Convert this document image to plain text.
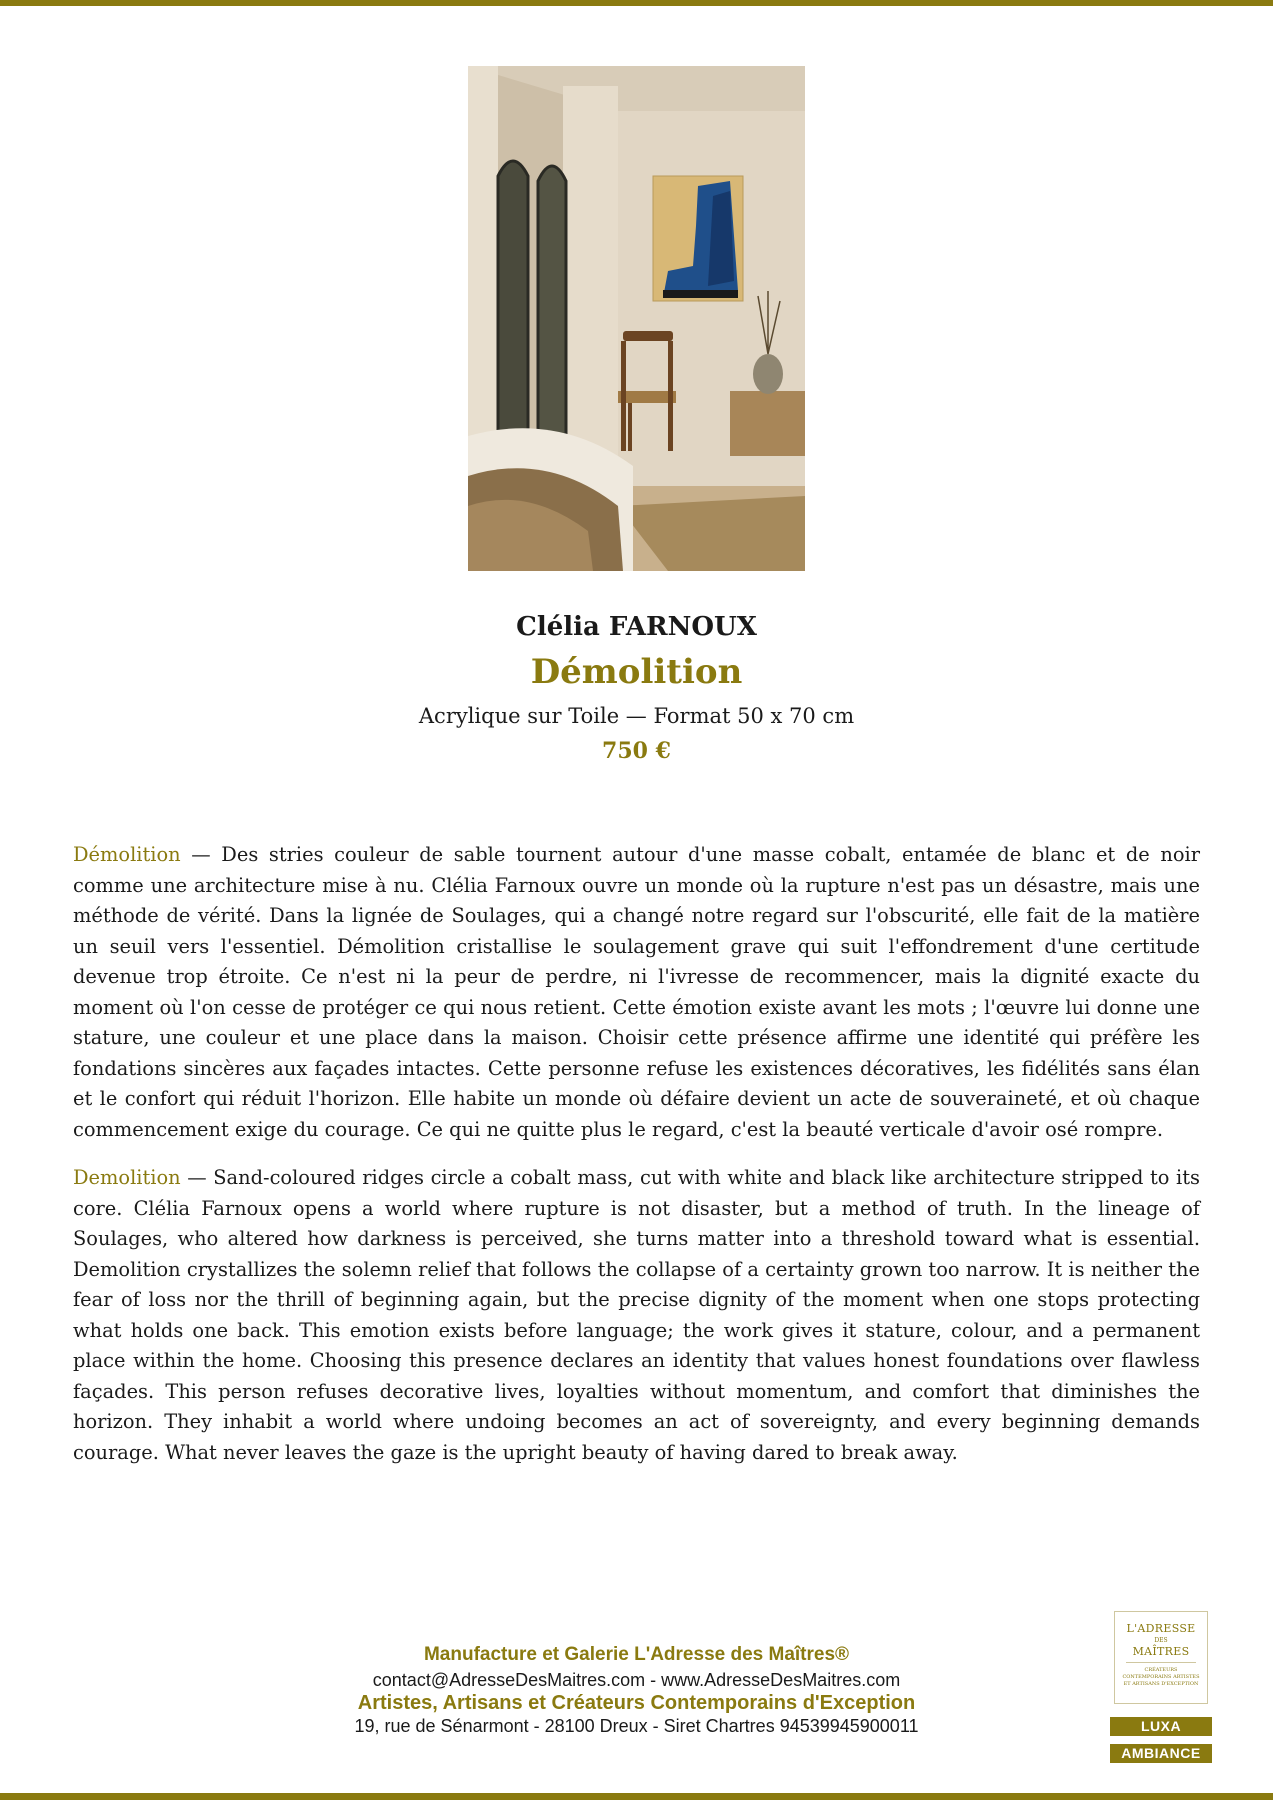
Clélia FARNOUX
Démolition
Acrylique sur Toile — Format 50 x 70 cm
750 €

Démolition — Des stries couleur de sable tournent autour d'une masse cobalt, entamée de blanc et de noir comme une architecture mise à nu. Clélia Farnoux ouvre un monde où la rupture n'est pas un désastre, mais une méthode de vérité. Dans la lignée de Soulages, qui a changé notre regard sur l'obscurité, elle fait de la matière un seuil vers l'essentiel. Démolition cristallise le soulagement grave qui suit l'effondrement d'une certitude devenue trop étroite. Ce n'est ni la peur de perdre, ni l'ivresse de recommencer, mais la dignité exacte du moment où l'on cesse de protéger ce qui nous retient. Cette émotion existe avant les mots ; l'œuvre lui donne une stature, une couleur et une place dans la maison. Choisir cette présence affirme une identité qui préfère les fondations sincères aux façades intactes. Cette personne refuse les existences décoratives, les fidélités sans élan et le confort qui réduit l'horizon. Elle habite un monde où défaire devient un acte de souveraineté, et où chaque commencement exige du courage. Ce qui ne quitte plus le regard, c'est la beauté verticale d'avoir osé rompre.

Demolition — Sand-coloured ridges circle a cobalt mass, cut with white and black like architecture stripped to its core. Clélia Farnoux opens a world where rupture is not disaster, but a method of truth. In the lineage of Soulages, who altered how darkness is perceived, she turns matter into a threshold toward what is essential. Demolition crystallizes the solemn relief that follows the collapse of a certainty grown too narrow. It is neither the fear of loss nor the thrill of beginning again, but the precise dignity of the moment when one stops protecting what holds one back. This emotion exists before language; the work gives it stature, colour, and a permanent place within the home. Choosing this presence declares an identity that values honest foundations over flawless façades. This person refuses decorative lives, loyalties without momentum, and comfort that diminishes the horizon. They inhabit a world where undoing becomes an act of sovereignty, and every beginning demands courage. What never leaves the gaze is the upright beauty of having dared to break away.

Manufacture et Galerie L'Adresse des Maîtres®
contact@AdresseDesMaitres.com - www.AdresseDesMaitres.com
Artistes, Artisans et Créateurs Contemporains d'Exception
19, rue de Sénarmont - 28100 Dreux - Siret Chartres 94539945900011
L'ADRESSE
DES
MAÎTRES
CRÉATEURS CONTEMPORAINS ARTISTES ET ARTISANS D'EXCEPTION
LUXA
AMBIANCE
